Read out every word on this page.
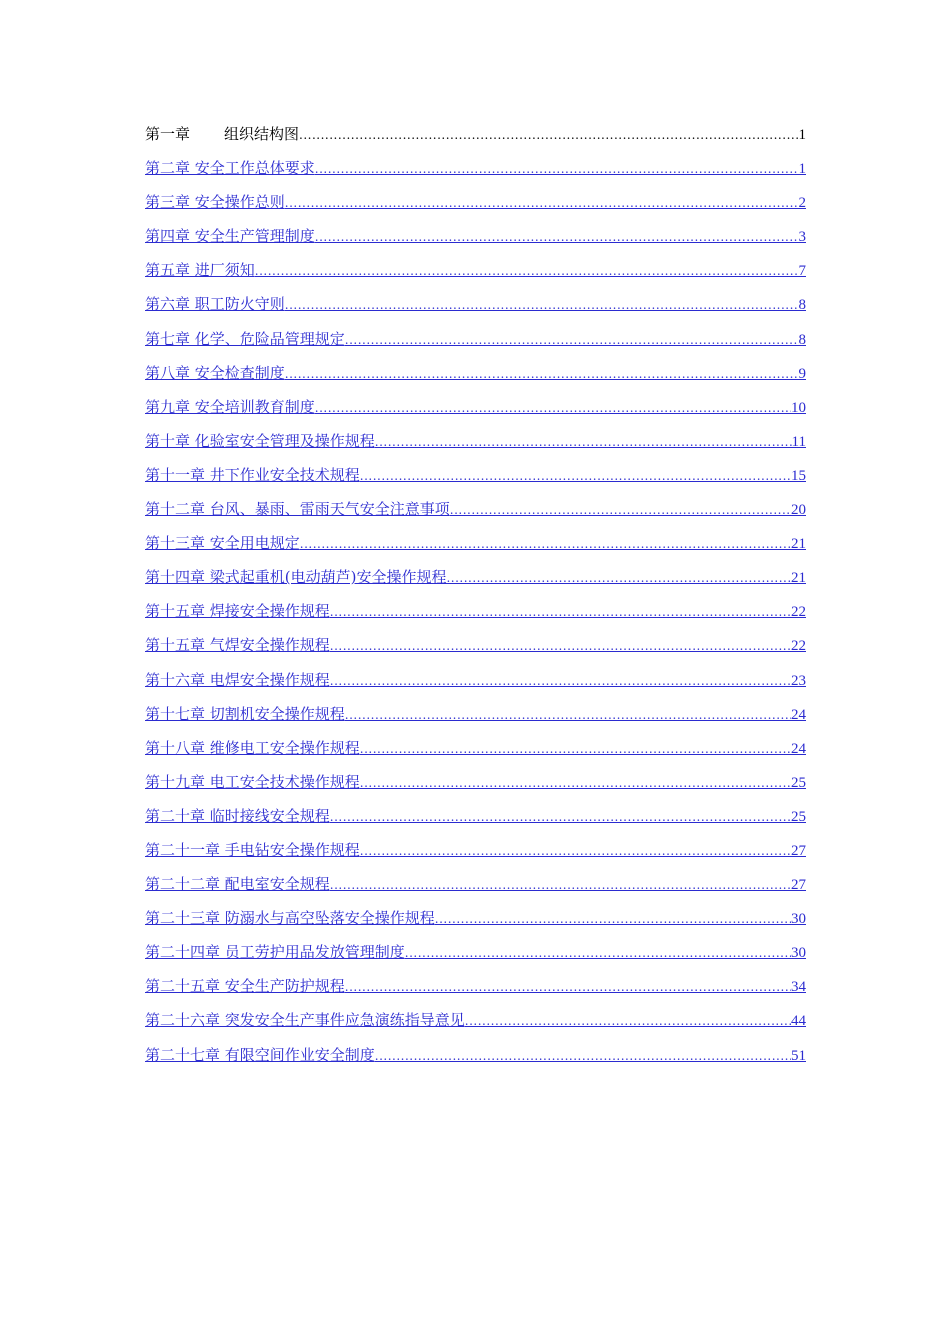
第一章 组织结构图 .....	1
第二章 安全工作总体要求 .....	1
第三章 安全操作总则 .....	2
第四章 安全生产管理制度 .....	3
第五章 进厂须知 .....	7
第六章 职工防火守则 .....	8
第七章 化学、危险品管理规定 .....	8
第八章 安全检查制度 .....	9
第九章 安全培训教育制度 .....	10
第十章 化验室安全管理及操作规程 .....	11
第十一章 井下作业安全技术规程 .....	15
第十二章 台风、暴雨、雷雨天气安全注意事项 .....	20
第十三章 安全用电规定 .....	21
第十四章 梁式起重机(电动葫芦)安全操作规程 .....	21
第十五章 焊接安全操作规程 .....	22
第十五章 气焊安全操作规程 .....	22
第十六章 电焊安全操作规程 .....	23
第十七章 切割机安全操作规程 .....	24
第十八章 维修电工安全操作规程 .....	24
第十九章 电工安全技术操作规程 .....	25
第二十章 临时接线安全规程 .....	25
第二十一章 手电钻安全操作规程 .....	27
第二十二章 配电室安全规程 .....	27
第二十三章 防溺水与高空坠落安全操作规程 .....	30
第二十四章 员工劳护用品发放管理制度 .....	30
第二十五章 安全生产防护规程 .....	34
第二十六章 突发安全生产事件应急演练指导意见 .....	44
第二十七章 有限空间作业安全制度 .....	51
